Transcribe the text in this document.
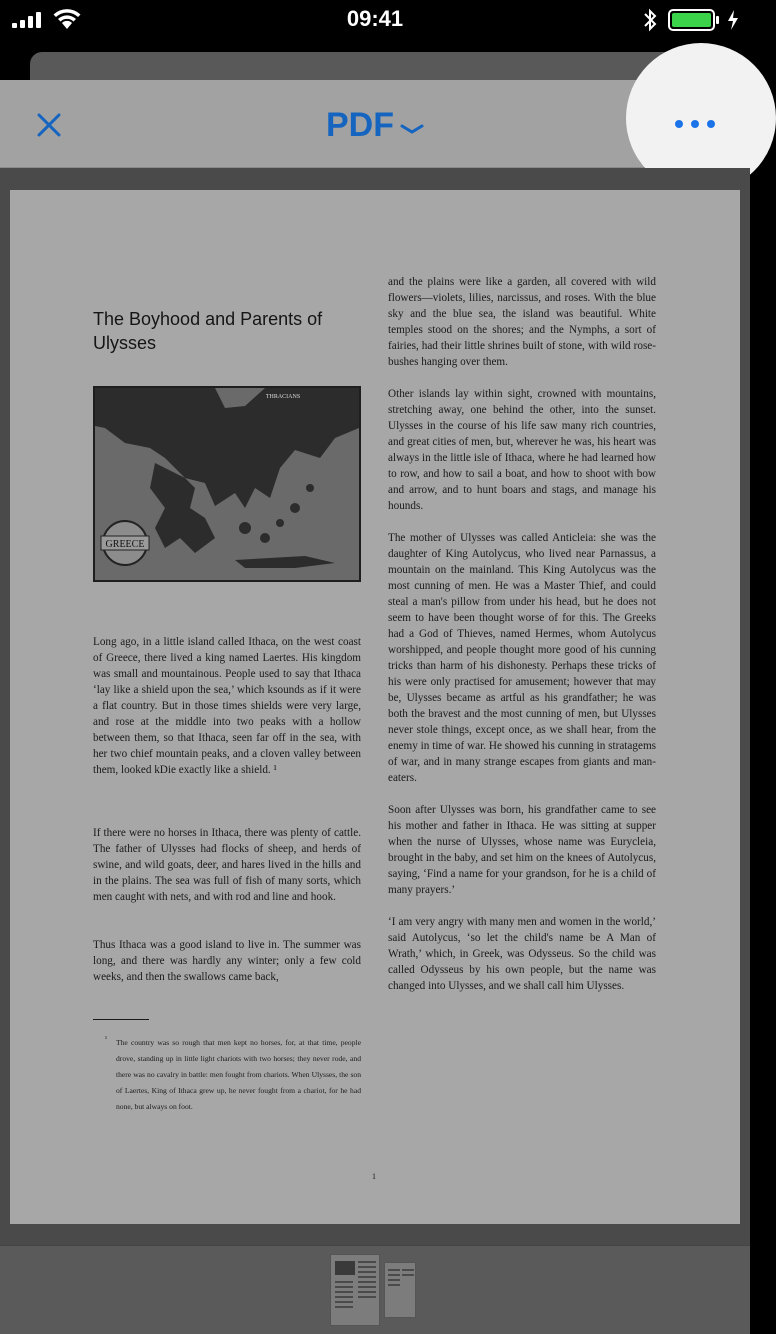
09:41
PDF
The Boyhood and Parents of Ulysses
GREECE
THRACIANS
Long ago, in a little island called Ithaca, on the west coast of Greece, there lived a king named Laertes. His kingdom was small and mountainous. People used to say that Ithaca ‘lay like a shield upon the sea,’ which ksounds as if it were a flat country. But in those times shields were very large, and rose at the middle into two peaks with a hollow between them, so that Ithaca, seen far off in the sea, with her two chief mountain peaks, and a cloven valley between them, looked kDie exactly like a shield. ¹
If there were no horses in Ithaca, there was plenty of cattle. The father of Ulysses had flocks of sheep, and herds of swine, and wild goats, deer, and hares lived in the hills and in the plains. The sea was full of fish of many sorts, which men caught with nets, and with rod and line and hook.
Thus Ithaca was a good island to live in. The summer was long, and there was hardly any winter; only a few cold weeks, and then the swallows came back,
¹ The country was so rough that men kept no horses, for, at that time, people drove, standing up in little light chariots with two horses; they never rode, and there was no cavalry in battle: men fought from chariots. When Ulysses, the son of Laertes, King of Ithaca grew up, he never fought from a chariot, for he had none, but always on foot.
and the plains were like a garden, all covered with wild flowers—violets, lilies, narcissus, and roses. With the blue sky and the blue sea, the island was beautiful. White temples stood on the shores; and the Nymphs, a sort of fairies, had their little shrines built of stone, with wild rose-bushes hanging over them.
Other islands lay within sight, crowned with mountains, stretching away, one behind the other, into the sunset. Ulysses in the course of his life saw many rich countries, and great cities of men, but, wherever he was, his heart was always in the little isle of Ithaca, where he had learned how to row, and how to sail a boat, and how to shoot with bow and arrow, and to hunt boars and stags, and manage his hounds.
The mother of Ulysses was called Anticleia: she was the daughter of King Autolycus, who lived near Parnassus, a mountain on the mainland. This King Autolycus was the most cunning of men. He was a Master Thief, and could steal a man's pillow from under his head, but he does not seem to have been thought worse of for this. The Greeks had a God of Thieves, named Hermes, whom Autolycus worshipped, and people thought more good of his cunning tricks than harm of his dishonesty. Perhaps these tricks of his were only practised for amusement; however that may be, Ulysses became as artful as his grandfather; he was both the bravest and the most cunning of men, but Ulysses never stole things, except once, as we shall hear, from the enemy in time of war. He showed his cunning in stratagems of war, and in many strange escapes from giants and man-eaters.
Soon after Ulysses was born, his grandfather came to see his mother and father in Ithaca. He was sitting at supper when the nurse of Ulysses, whose name was Euryclеia, brought in the baby, and set him on the knees of Autolycus, saying, ‘Find a name for your grandson, for he is a child of many prayers.’
‘I am very angry with many men and women in the world,’ said Autolycus, ‘so let the child's name be A Man of Wrath,’ which, in Greek, was Odysseus. So the child was called Odysseus by his own people, but the name was changed into Ulysses, and we shall call him Ulysses.
1
